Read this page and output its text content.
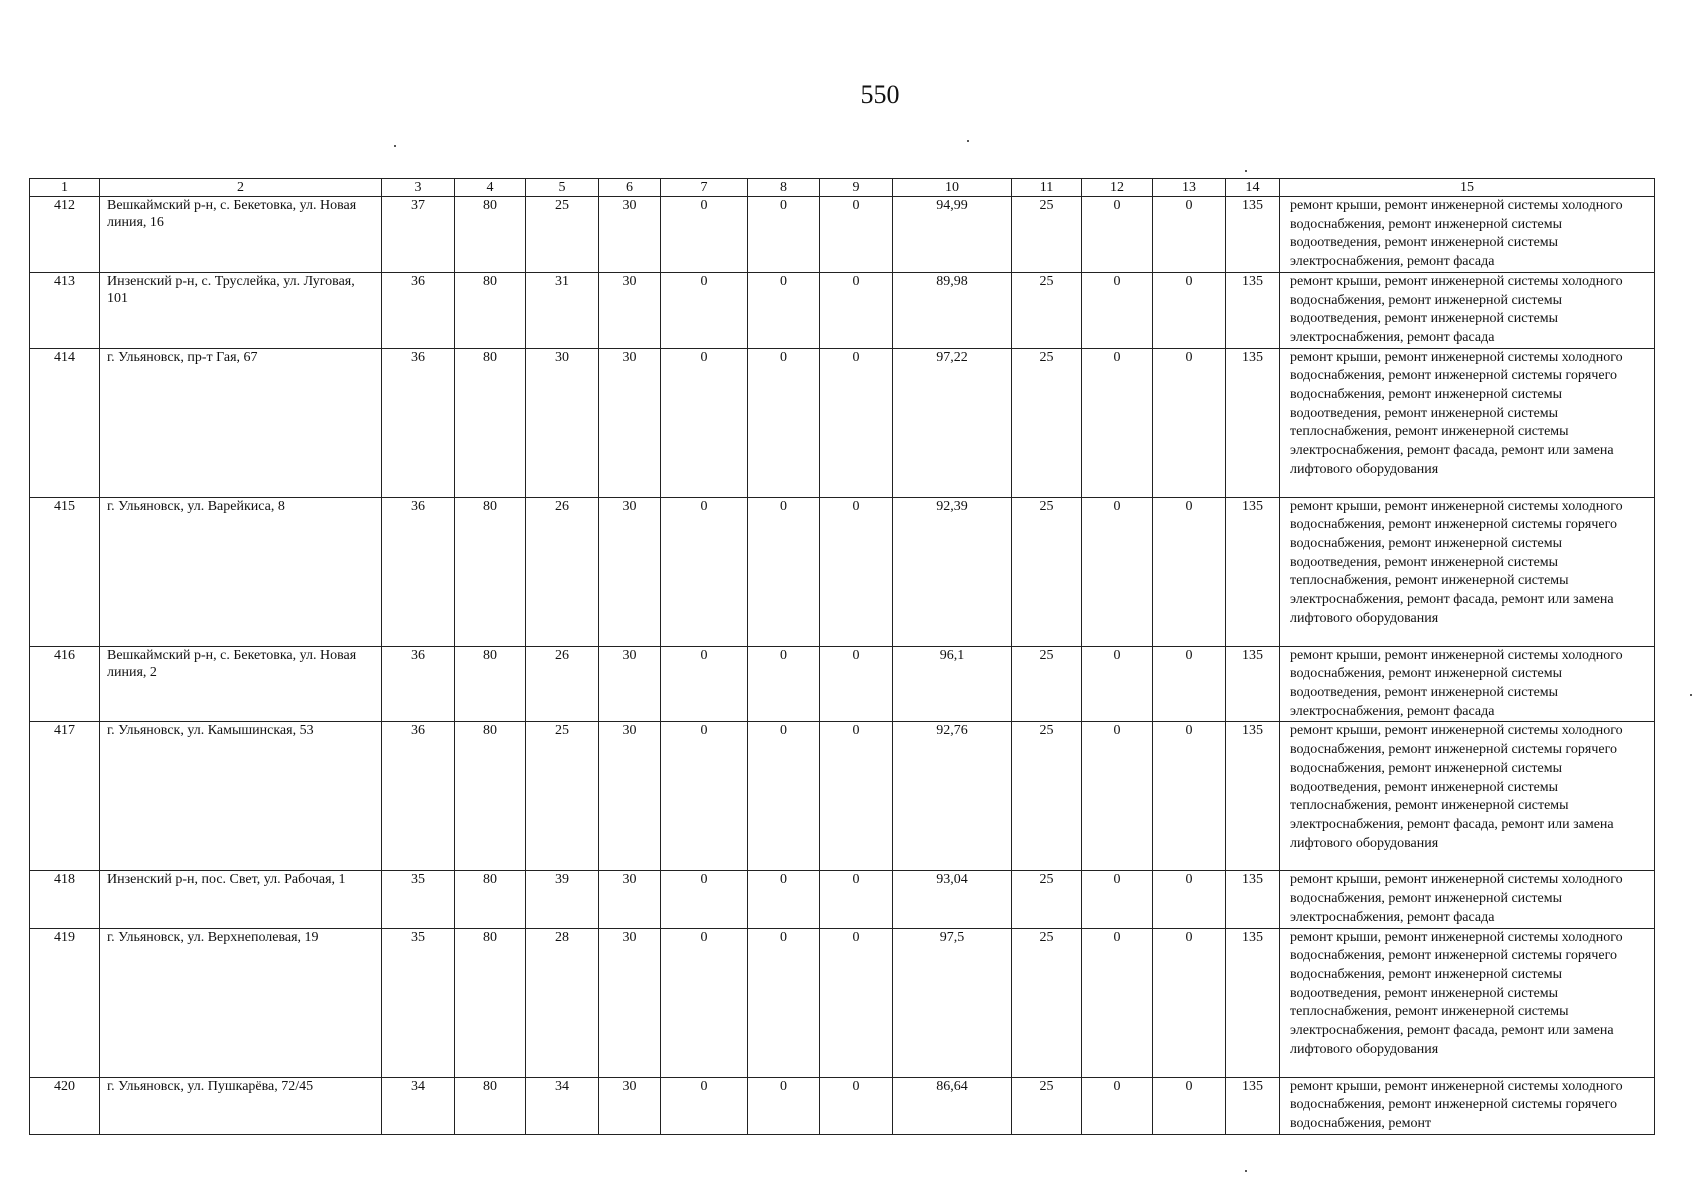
550
1	2	3	4	5	6	7	8	9	10	11	12	13	14	15
412	Вешкаймский р-н, с. Бекетовка, ул. Новая линия, 16	37	80	25	30	0	0	0	94,99	25	0	0	135	ремонт крыши, ремонт инженерной системы холодного водоснабжения, ремонт инженерной системы водоотведения, ремонт инженерной системы электроснабжения, ремонт фасада
413	Инзенский р-н, с. Труслейка, ул. Луговая, 101	36	80	31	30	0	0	0	89,98	25	0	0	135	ремонт крыши, ремонт инженерной системы холодного водоснабжения, ремонт инженерной системы водоотведения, ремонт инженерной системы электроснабжения, ремонт фасада
414	г. Ульяновск, пр-т Гая, 67	36	80	30	30	0	0	0	97,22	25	0	0	135	ремонт крыши, ремонт инженерной системы холодного водоснабжения, ремонт инженерной системы горячего водоснабжения, ремонт инженерной системы водоотведения, ремонт инженерной системы теплоснабжения, ремонт инженерной системы электроснабжения, ремонт фасада, ремонт или замена лифтового оборудования
415	г. Ульяновск, ул. Варейкиса, 8	36	80	26	30	0	0	0	92,39	25	0	0	135	ремонт крыши, ремонт инженерной системы холодного водоснабжения, ремонт инженерной системы горячего водоснабжения, ремонт инженерной системы водоотведения, ремонт инженерной системы теплоснабжения, ремонт инженерной системы электроснабжения, ремонт фасада, ремонт или замена лифтового оборудования
416	Вешкаймский р-н, с. Бекетовка, ул. Новая линия, 2	36	80	26	30	0	0	0	96,1	25	0	0	135	ремонт крыши, ремонт инженерной системы холодного водоснабжения, ремонт инженерной системы водоотведения, ремонт инженерной системы электроснабжения, ремонт фасада
417	г. Ульяновск, ул. Камышинская, 53	36	80	25	30	0	0	0	92,76	25	0	0	135	ремонт крыши, ремонт инженерной системы холодного водоснабжения, ремонт инженерной системы горячего водоснабжения, ремонт инженерной системы водоотведения, ремонт инженерной системы теплоснабжения, ремонт инженерной системы электроснабжения, ремонт фасада, ремонт или замена лифтового оборудования
418	Инзенский р-н, пос. Свет, ул. Рабочая, 1	35	80	39	30	0	0	0	93,04	25	0	0	135	ремонт крыши, ремонт инженерной системы холодного водоснабжения, ремонт инженерной системы электроснабжения, ремонт фасада
419	г. Ульяновск, ул. Верхнеполевая, 19	35	80	28	30	0	0	0	97,5	25	0	0	135	ремонт крыши, ремонт инженерной системы холодного водоснабжения, ремонт инженерной системы горячего водоснабжения, ремонт инженерной системы водоотведения, ремонт инженерной системы теплоснабжения, ремонт инженерной системы электроснабжения, ремонт фасада, ремонт или замена лифтового оборудования
420	г. Ульяновск, ул. Пушкарёва, 72/45	34	80	34	30	0	0	0	86,64	25	0	0	135	ремонт крыши, ремонт инженерной системы холодного водоснабжения, ремонт инженерной системы горячего водоснабжения, ремонт
